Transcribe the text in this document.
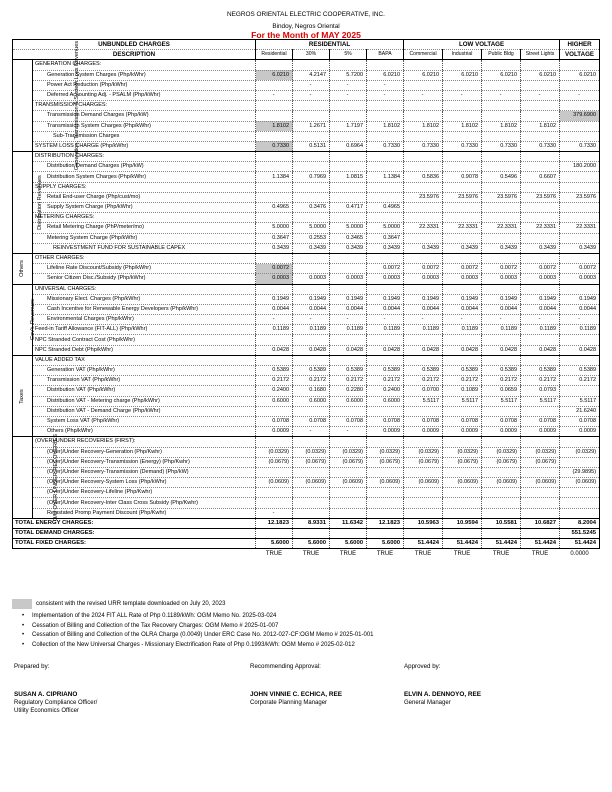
NEGROS ORIENTAL ELECTRIC COOPERATIVE, INC.
Bindoy, Negros Oriental
For the Month of MAY 2025
UNBUNDLED CHARGES		RESIDENTIAL				LOW VOLTAGE				HIGHER
DESCRIPTION		Residential	30%	5%	BAPA	Commercial	Industrial	Public Bldg	Street Lights	VOLTAGE
Generation, Transmission & System Loss Revenues	GENERATION CHARGES:									
	Generation System Charges (Php/kWhr)	6.0210	4.2147	5.7200	6.0210	6.0210	6.0210	6.0210	6.0210	6.0210
	Power Act Reduction (Php/kWhr)		-	-	-					
	Deferred Accounting Adj. - PSALM (Php/kWhr)	-	-	-	-	-	-	-	-	-
	TRANSMISSION CHARGES:									
	Transmission Demand Charges (Php/kW)									379.6900
	Transmission System Charges (Php/kWhr)	1.8102	1.2671	1.7197	1.8102	1.8102	1.8102	1.8102	1.8102	
	Sub-Transmission Charges									
	SYSTEM LOSS CHARGE (Php/kWhr)	0.7330	0.5131	0.6964	0.7330	0.7330	0.7330	0.7330	0.7330	0.7330
Distribution Revenues	DISTRIBUTION CHARGES:									
	Distribution Demand Charges (Php/kW)									180.2000
	Distribution System Charges (Php/kWhr)	1.1384	0.7969	1.0815	1.1384	0.5836	0.9078	0.5496	0.6607	
	SUPPLY CHARGES:									
	Retail End-user Charge (Php/cust/mo)					23.5976	23.5976	23.5976	23.5976	23.5976
	Supply System Charge (Php/kWhr)	0.4965	0.3476	0.4717	0.4965					
	METERING CHARGES:									
	Retail Metering Charge (PhP/meter/mo)	5.0000	5.0000	5.0000	5.0000	22.3331	22.3331	22.3331	22.3331	22.3331
	Metering System Charge (Php/kWhr)	0.3647	0.2553	0.3465	0.3647					
	REINVESTMENT FUND FOR SUSTAINABLE CAPEX	0.3439	0.3439	0.3439	0.3439	0.3439	0.3439	0.3439	0.3439	0.3439
Others	OTHER CHARGES:									
	Lifeline Rate Discount/Subsidy (Php/kWhr)	0.0072			0.0072	0.0072	0.0072	0.0072	0.0072	0.0072
	Senior Citizen Disc./Subsidy (Php/kWhr)	0.0003	0.0003	0.0003	0.0003	0.0003	0.0003	0.0003	0.0003	0.0003
Gov't. Revenues	UNIVERSAL CHARGES:									
	Missionary Elect. Charges (Php/kWhr)	0.1949	0.1949	0.1949	0.1949	0.1949	0.1949	0.1949	0.1949	0.1949
	Cash Incentive for Renewable Energy Developers (Php/kWhr)	0.0044	0.0044	0.0044	0.0044	0.0044	0.0044	0.0044	0.0044	0.0044
	Environmental Charges (Php/kWhr)	-	-	-	-	-	-	-	-	-
	Feed-in Tariff Allowance (FIT-ALL) (Php/kWhr)	0.1189	0.1189	0.1189	0.1189	0.1189	0.1189	0.1189	0.1189	0.1189
	NPC Stranded Contract Cost (Php/kWhr)									
	NPC Stranded Debt (Php/kWhr)	0.0428	0.0428	0.0428	0.0428	0.0428	0.0428	0.0428	0.0428	0.0428
Taxes	VALUE ADDED TAX									
	Generation VAT (Php/kWhr)	0.5389	0.5389	0.5389	0.5389	0.5389	0.5389	0.5389	0.5389	0.5389
	Transmission VAT (Php/kWhr)	0.2172	0.2172	0.2172	0.2172	0.2172	0.2172	0.2172	0.2172	0.2172
	Distribution VAT (Php/kWhr)	0.2400	0.1680	0.2280	0.2400	0.0700	0.1089	0.0659	0.0793	
	Distribution VAT - Metering charge (Php/kWhr)	0.6000	0.6000	0.6000	0.6000	5.5117	5.5117	5.5117	5.5117	5.5117
	Distribution VAT - Demand Charge (Php/kWhr)									21.6240
	System Loss VAT (Php/kWhr)	0.0708	0.0708	0.0708	0.0708	0.0708	0.0708	0.0708	0.0708	0.0708
	Others (Php/kWhr)	0.0009	-	-	0.0009	0.0009	0.0009	0.0009	0.0009	0.0009
O/U OVER UNDER RECOVERIES	(OVER)/UNDER RECOVERIES (FIRST):									
	(Over)/Under Recovery-Generation (Php/Kwhr)	(0.0329)	(0.0329)	(0.0329)	(0.0329)	(0.0329)	(0.0329)	(0.0329)	(0.0329)	(0.0329)
	(Over)/Under Recovery-Transmission (Energy) (Php/Kwhr)	(0.0679)	(0.0679)	(0.0679)	(0.0679)	(0.0679)	(0.0679)	(0.0679)	(0.0679)	
	(Over)/Under Recovery-Transmission (Demand) (Php/kW)									(29.9895)
	(Over)/Under Recovery-System Loss (Php/kWhr)	(0.0609)	(0.0609)	(0.0609)	(0.0609)	(0.0609)	(0.0609)	(0.0609)	(0.0609)	(0.0609)
	(Over)/Under Recovery-Lifeline (Php/Kwhr)									
	(Over)/Under Recovery-Inter Class Cross Subsidy (Php/Kwhr)									
	Reinstated Promp Payment Discount (Php/Kwhr)	-								
TOTAL ENERGY CHARGES:		12.1823	8.9331	11.6342	12.1823	10.5963	10.9594	10.5581	10.6827	8.2004
TOTAL DEMAND CHARGES:										551.5245
TOTAL FIXED CHARGES:		5.6000	5.6000	5.6000	5.6000	51.4424	51.4424	51.4424	51.4424	51.4424
		TRUE	TRUE	TRUE	TRUE	TRUE	TRUE	TRUE	TRUE	0.0000
consistent with the revised URR template downloaded on July 20, 2023
• Implementation of the 2024 FIT ALL Rate of Php 0.1189/kWh: OGM Memo No. 2025-03-024
• Cessation of Billing and Collection of the Tax Recovery Charges: OGM Memo # 2025-01-007
• Cessation of Billing and Collection of the OLRA Charge (0.0049) Under ERC Case No. 2012-027-CF:OGM Memo # 2025-01-001
• Collection of the New Universal Charges - Missionary Electrification Rate of Php 0.1993/kWh: OGM Memo # 2025-02-012
Prepared by:	Recommending Approval:	Approved by:
SUSAN A. CIPRIANO
Regulatory Compliance Officer/
Utility Economics Officer
JOHN VINNIE C. ECHICA, REE
Corporate Planning Manager
ELVIN A. DENNOYO, REE
General Manager
